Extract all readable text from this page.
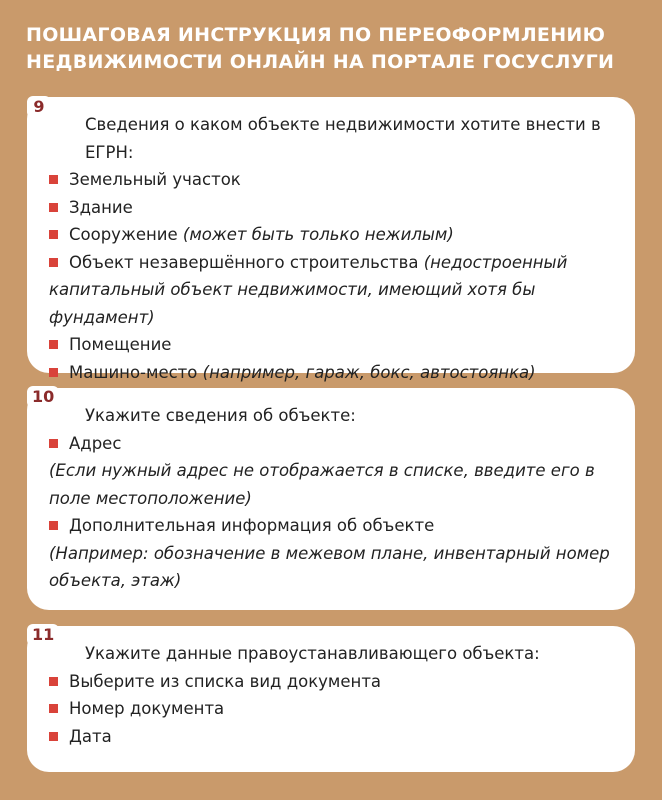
ПОШАГОВАЯ ИНСТРУКЦИЯ ПО ПЕРЕОФОРМЛЕНИЮ
НЕДВИЖИМОСТИ ОНЛАЙН НА ПОРТАЛЕ ГОСУСЛУГИ
Сведения о каком объекте недвижимости хотите внести в ЕГРН:
Земельный участок
Здание
Сооружение (может быть только нежилым)
Объект незавершённого строительства (недостроенный капитальный объект недвижимости, имеющий хотя бы фундамент)
Помещение
Машино-место (например, гараж, бокс, автостоянка)
9
Укажите сведения об объекте:
Адрес
(Если нужный адрес не отображается в списке, введите его в поле местоположение)
Дополнительная информация об объекте
(Например: обозначение в межевом плане, инвентарный номер объекта, этаж)
10
Укажите данные правоустанавливающего объекта:
Выберите из списка вид документа
Номер документа
Дата
11
